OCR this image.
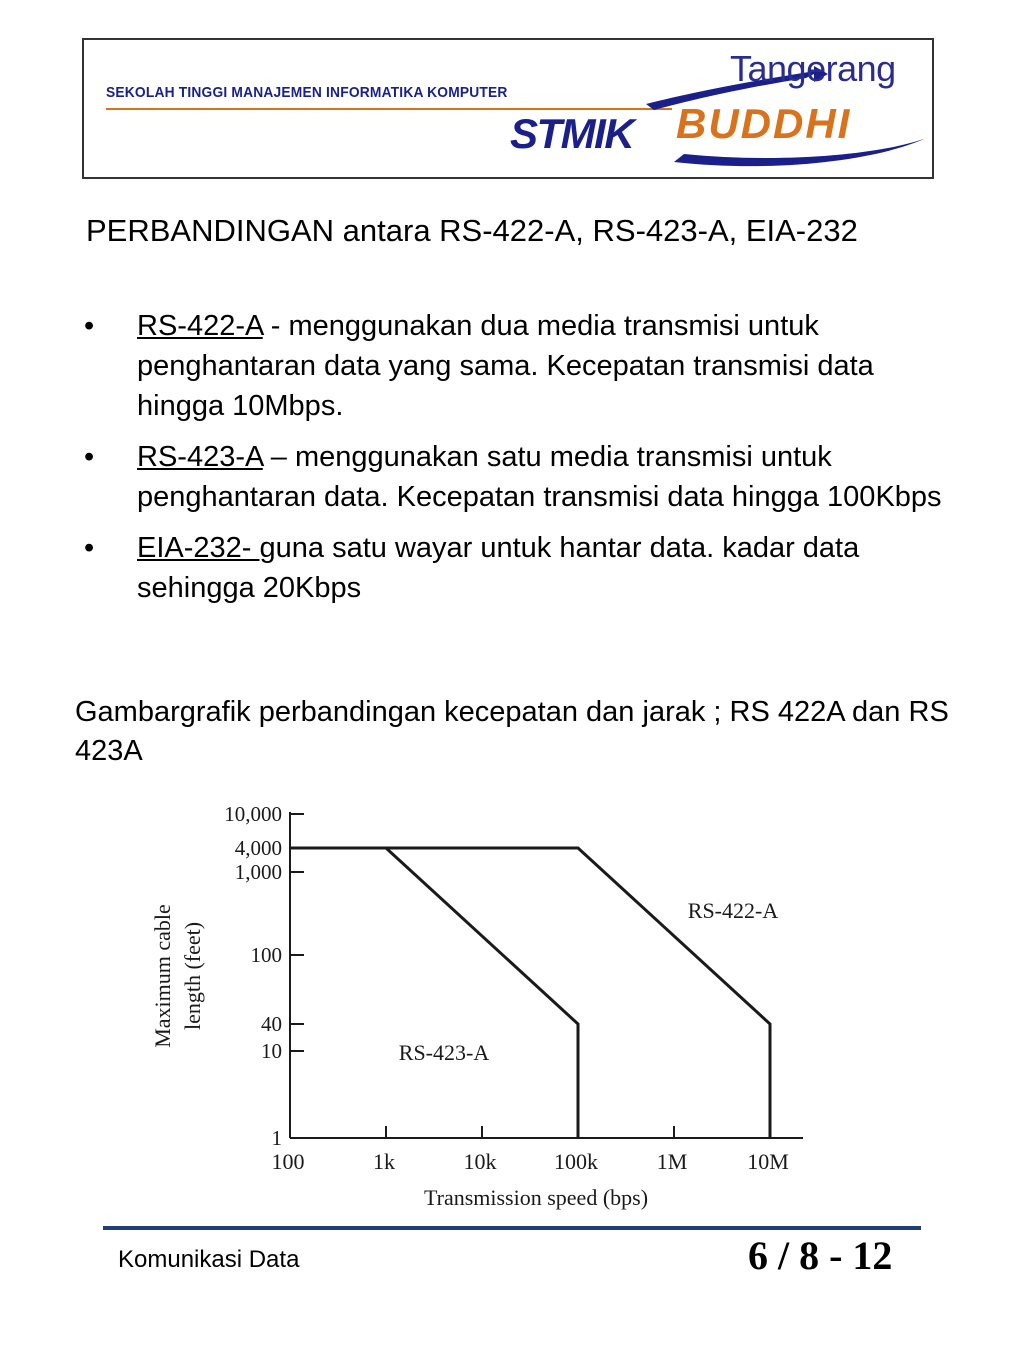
SEKOLAH TINGGI MANAJEMEN INFORMATIKA KOMPUTER
Tangerang
STMIK BUDDHI
PERBANDINGAN antara RS-422-A, RS-423-A, EIA-232
• RS-422-A - menggunakan dua media transmisi untuk penghantaran data yang sama. Kecepatan transmisi data hingga 10Mbps.
• RS-423-A – menggunakan satu media transmisi untuk penghantaran data. Kecepatan transmisi data hingga 100Kbps
• EIA-232- guna satu wayar untuk hantar data. kadar data sehingga 20Kbps
Gambargrafik perbandingan kecepatan dan jarak ; RS 422A dan RS 423A
10,000
4,000
1,000
100
40
10
1
100	1k	10k	100k	1M	10M
Transmission speed (bps)
Maximum cable length (feet)
RS-423-A
RS-422-A
Komunikasi Data	6 / 8 - 12
